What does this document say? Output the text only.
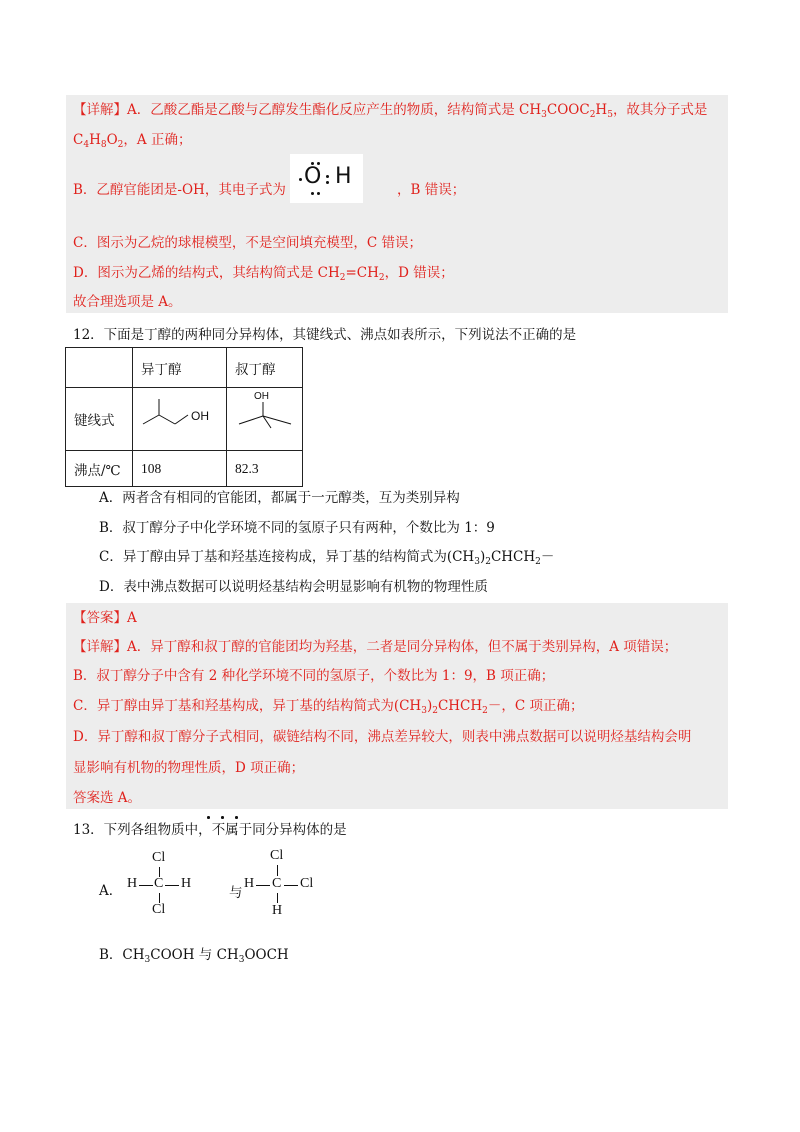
【详解】A．乙酸乙酯是乙酸与乙醇发生酯化反应产生的物质，结构简式是 $CH_3COOC_2H_5$，故其分子式是
$C_4H_8O_2$，A 正确；
B．乙醇官能团是-OH，其电子式为
O H
，B 错误；
C．图示为乙烷的球棍模型，不是空间填充模型，C 错误；
D．图示为乙烯的结构式，其结构简式是 $CH_2=CH_2$，D 错误；
故合理选项是 A。
12．下面是丁醇的两种同分异构体，其键线式、沸点如表所示，下列说法不正确的是
	异丁醇	叔丁醇
键线式	OH	OH

沸点/℃	108	82.3
A．两者含有相同的官能团，都属于一元醇类，互为类别异构
B．叔丁醇分子中化学环境不同的氢原子只有两种，个数比为 1：9
C．异丁醇由异丁基和羟基连接构成，异丁基的结构简式为$(CH_3)_2CHCH_2-$
D．表中沸点数据可以说明烃基结构会明显影响有机物的物理性质
【答案】A
【详解】A．异丁醇和叔丁醇的官能团均为羟基，二者是同分异构体，但不属于类别异构，A 项错误；
B．叔丁醇分子中含有 2 种化学环境不同的氢原子，个数比为 1：9，B 项正确；
C．异丁醇由异丁基和羟基构成，异丁基的结构简式为$(CH_3)_2CHCH_2-$，C 项正确；
D．异丁醇和叔丁醇分子式相同，碳链结构不同，沸点差异较大，则表中沸点数据可以说明烃基结构会明
显影响有机物的物理性质，D 项正确；
答案选 A。
13．下列各组物质中，不属于同分异构体的是
A．
Cl
H C H
Cl
与
Cl
H C Cl
H
B．$CH_3COOH$ 与 $CH_3OOCH$
